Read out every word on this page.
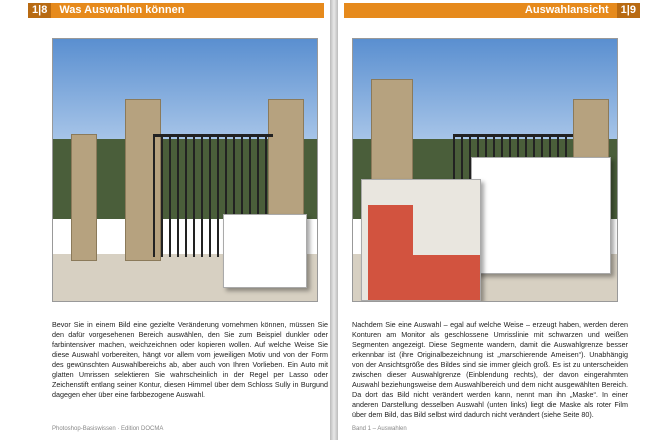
1|8 Was Auswahlen können
Bevor Sie in einem Bild eine gezielte Veränderung vornehmen können, müssen Sie den dafür vorgesehenen Bereich auswählen, den Sie zum Beispiel dunkler oder farbintensiver machen, weichzeichnen oder kopieren wollen. Auf welche Weise Sie diese Auswahl vorbereiten, hängt vor allem vom jeweiligen Motiv und von der Form des gewünschten Auswahlbereichs ab, aber auch von Ihren Vorlieben. Ein Auto mit glatten Umrissen selektieren Sie wahrscheinlich in der Regel per Lasso oder Zeichenstift entlang seiner Kontur, diesen Himmel über dem Schloss Sully in Burgund dagegen eher über eine farbbezogene Auswahl.
Photoshop-Basiswissen · Edition DOCMA
Auswahlansicht 1|9
Nachdem Sie eine Auswahl – egal auf welche Weise – erzeugt haben, werden deren Konturen am Monitor als geschlossene Umrisslinie mit schwarzen und weißen Segmenten angezeigt. Diese Segmente wandern, damit die Auswahlgrenze besser erkennbar ist (ihre Originalbezeichnung ist „marschierende Ameisen“). Unabhängig von der Ansichtsgröße des Bildes sind sie immer gleich groß. Es ist zu unterscheiden zwischen dieser Auswahlgrenze (Einblendung rechts), der davon eingerahmten Auswahl beziehungsweise dem Auswahlbereich und dem nicht ausgewählten Bereich. Da dort das Bild nicht verändert werden kann, nennt man ihn „Maske“. In einer anderen Darstellung desselben Auswahl (unten links) liegt die Maske als roter Film über dem Bild, das Bild selbst wird dadurch nicht verändert (siehe Seite 80).
Band 1 – Auswahlen
